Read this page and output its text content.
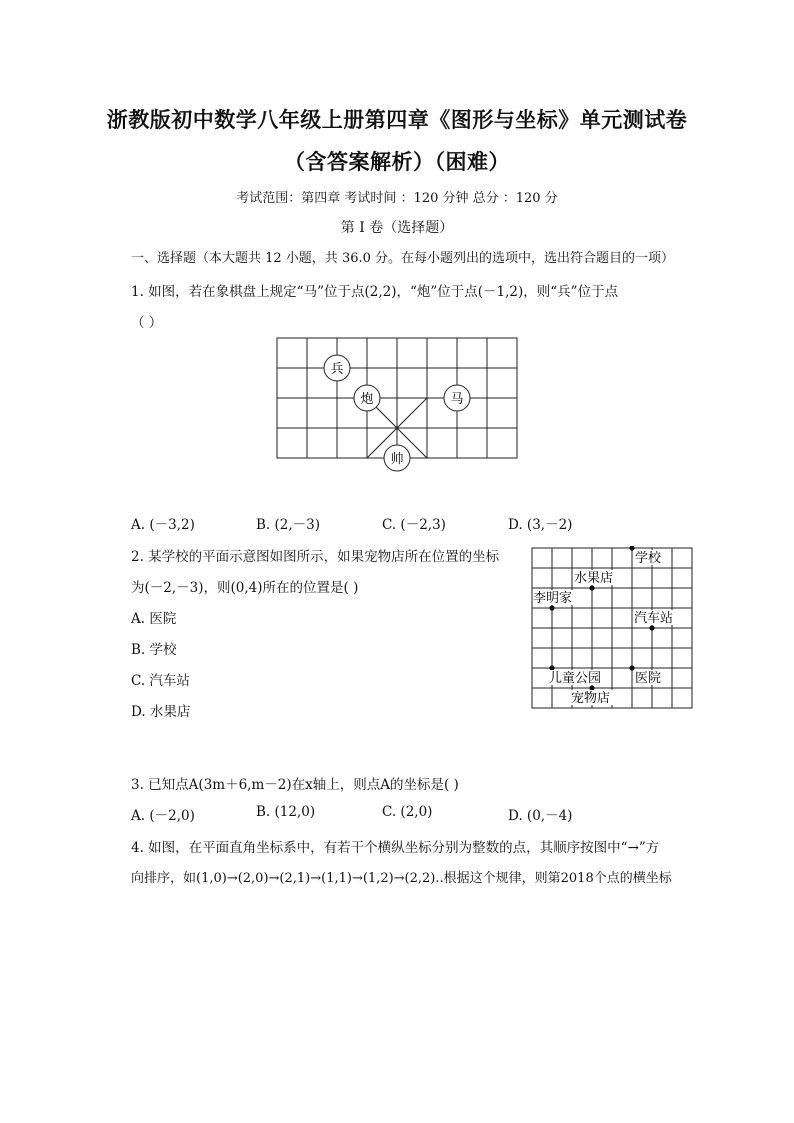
浙教版初中数学八年级上册第四章《图形与坐标》单元测试卷
（含答案解析）（困难）
考试范围：第四章 考试时间 ：120 分钟 总分 ：120 分
第 I 卷（选择题）
一、选择题（本大题共 12 小题，共 36.0 分。在每小题列出的选项中，选出符合题目的一项）
1. 如图，若在象棋盘上规定“马”位于点(2,2)，“炮”位于点(－1,2)，则“兵”位于点
（ ）
兵
炮	马
帅
A. (－3,2)	B. (2,－3)	C. (－2,3)	D. (3,－2)
2. 某学校的平面示意图如图所示，如果宠物店所在位置的坐标
为(－2,－3)，则(0,4)所在的位置是( )
A. 医院
B. 学校
C. 汽车站
D. 水果店
学校
水果店
李明家
汽车站
儿童公园	医院
宠物店
3. 已知点A(3m＋6,m－2)在x轴上，则点A的坐标是( )
A. (－2,0)	B. (12,0)	C. (2,0)	D. (0,－4)
4. 如图，在平面直角坐标系中，有若干个横纵坐标分别为整数的点，其顺序按图中“→”方
向排序，如(1,0)→(2,0)→(2,1)→(1,1)→(1,2)→(2,2)..根据这个规律，则第2018个点的横坐标
